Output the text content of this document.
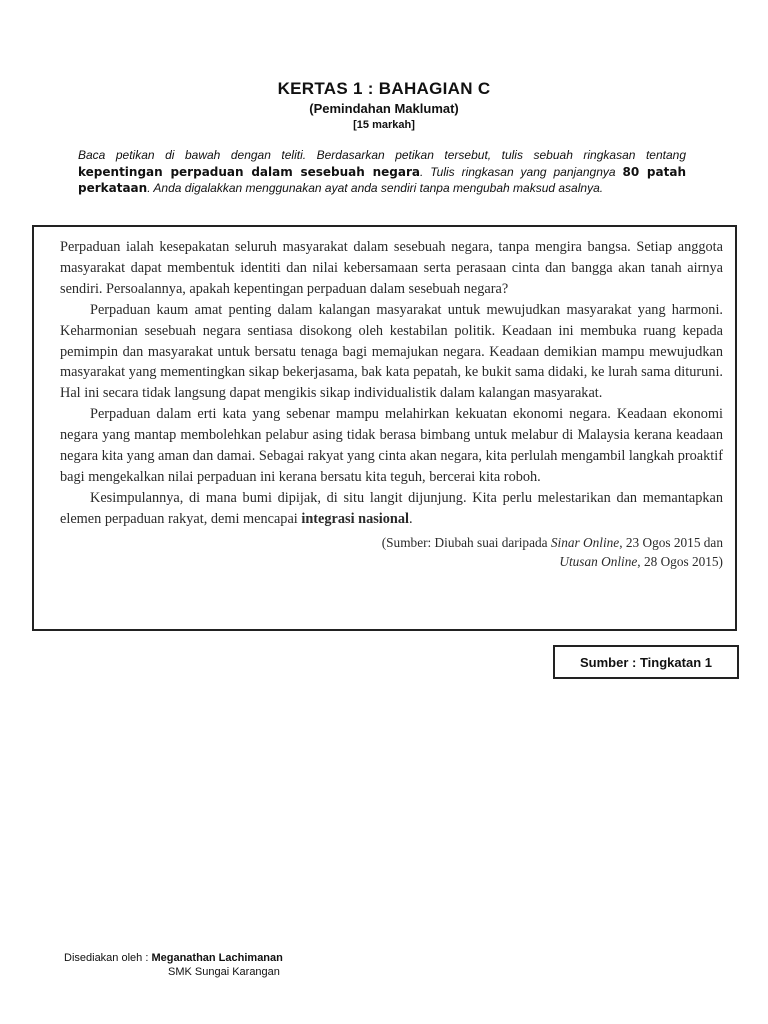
KERTAS 1 : BAHAGIAN C
(Pemindahan Maklumat)
[15 markah]
Baca petikan di bawah dengan teliti. Berdasarkan petikan tersebut, tulis sebuah ringkasan tentang kepentingan perpaduan dalam sesebuah negara. Tulis ringkasan yang panjangnya 80 patah perkataan. Anda digalakkan menggunakan ayat anda sendiri tanpa mengubah maksud asalnya.

Perpaduan ialah kesepakatan seluruh masyarakat dalam sesebuah negara, tanpa mengira bangsa. Setiap anggota masyarakat dapat membentuk identiti dan nilai kebersamaan serta perasaan cinta dan bangga akan tanah airnya sendiri. Persoalannya, apakah kepentingan perpaduan dalam sesebuah negara?

Perpaduan kaum amat penting dalam kalangan masyarakat untuk mewujudkan masyarakat yang harmoni. Keharmonian sesebuah negara sentiasa disokong oleh kestabilan politik. Keadaan ini membuka ruang kepada pemimpin dan masyarakat untuk bersatu tenaga bagi memajukan negara. Keadaan demikian mampu mewujudkan masyarakat yang mementingkan sikap bekerjasama, bak kata pepatah, ke bukit sama didaki, ke lurah sama dituruni. Hal ini secara tidak langsung dapat mengikis sikap individualistik dalam kalangan masyarakat.

Perpaduan dalam erti kata yang sebenar mampu melahirkan kekuatan ekonomi negara. Keadaan ekonomi negara yang mantap membolehkan pelabur asing tidak berasa bimbang untuk melabur di Malaysia kerana keadaan negara kita yang aman dan damai. Sebagai rakyat yang cinta akan negara, kita perlulah mengambil langkah proaktif bagi mengekalkan nilai perpaduan ini kerana bersatu kita teguh, bercerai kita roboh.

Kesimpulannya, di mana bumi dipijak, di situ langit dijunjung. Kita perlu melestarikan dan memantapkan elemen perpaduan rakyat, demi mencapai integrasi nasional.

(Sumber: Diubah suai daripada Sinar Online, 23 Ogos 2015 dan
Utusan Online, 28 Ogos 2015)
Sumber : Tingkatan 1
Disediakan oleh : Meganathan Lachimanan
SMK Sungai Karangan
